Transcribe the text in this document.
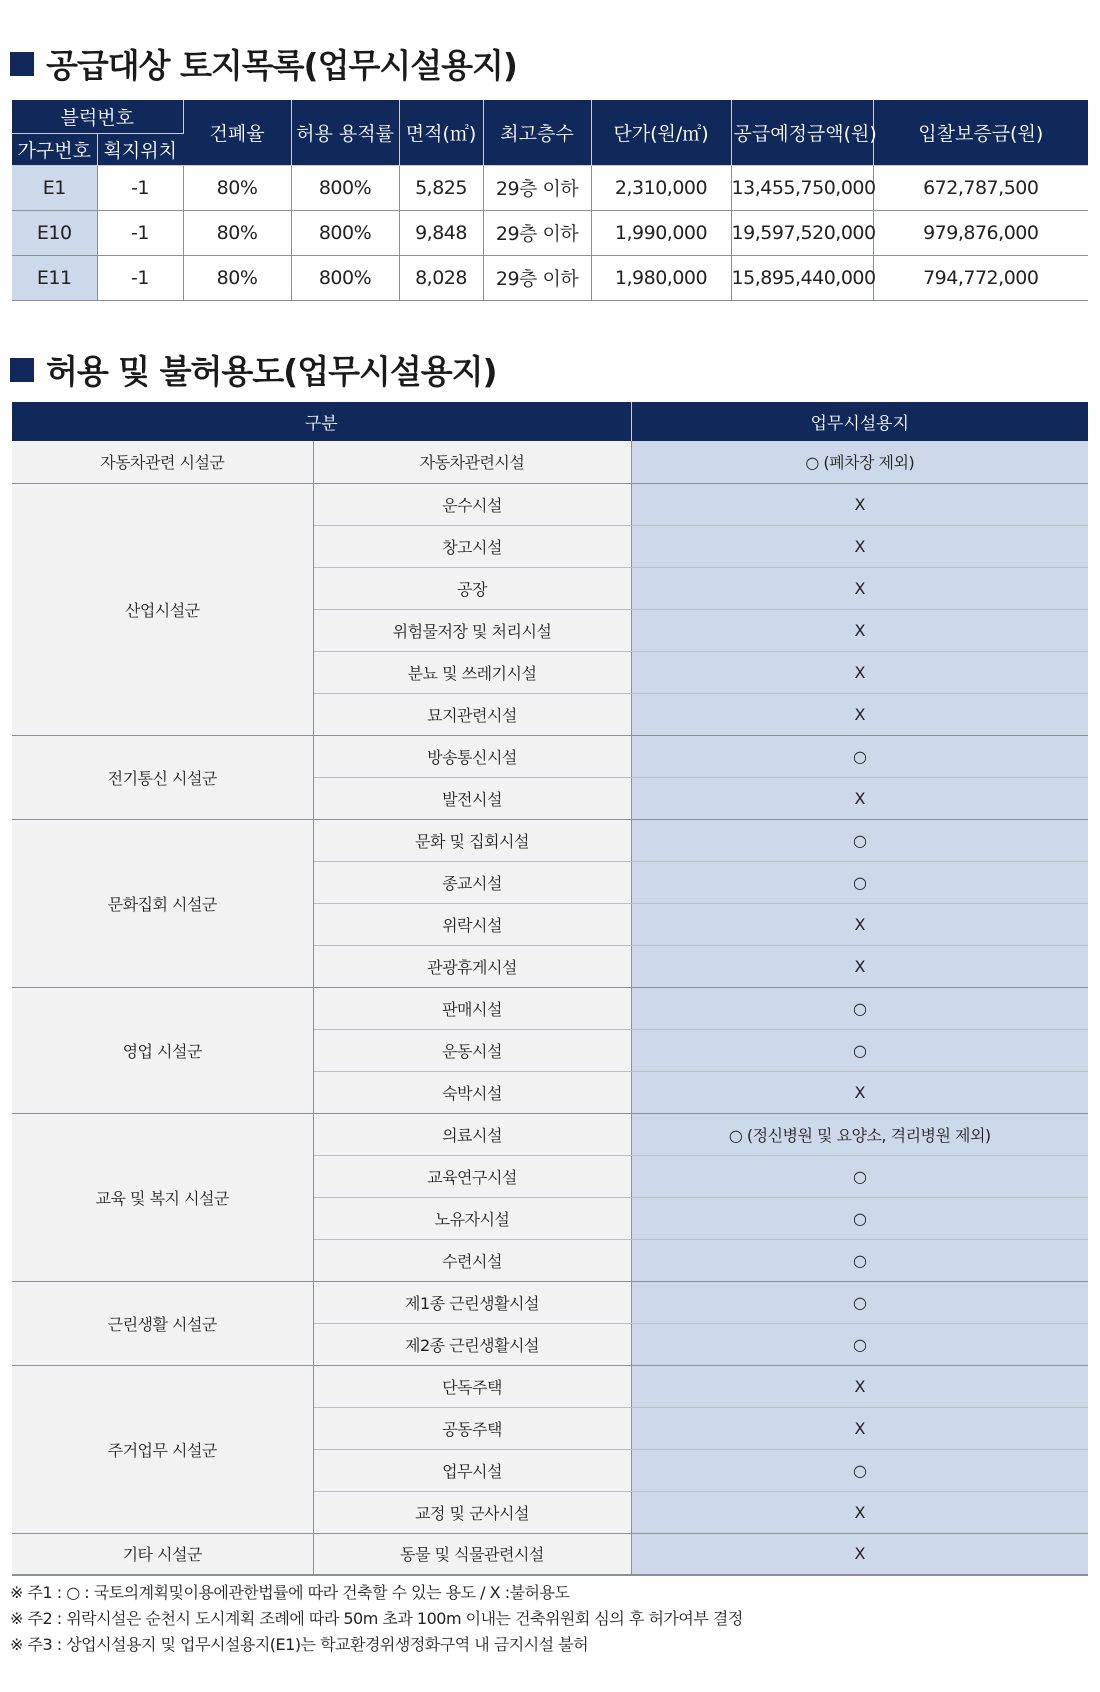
공급대상 토지목록(업무시설용지)
블럭번호		건폐율	허용 용적률	면적(㎡)	최고층수	단가(원/㎡)	공급예정금액(원)	입찰보증금(원)
가구번호	획지위치							
E1	-1	80%	800%	5,825	29층 이하	2,310,000	13,455,750,000	672,787,500
E10	-1	80%	800%	9,848	29층 이하	1,990,000	19,597,520,000	979,876,000
E11	-1	80%	800%	8,028	29층 이하	1,980,000	15,895,440,000	794,772,000
허용 및 불허용도(업무시설용지)
구분		업무시설용지
자동차관련 시설군	자동차관련시설	○ (폐차장 제외)
산업시설군	운수시설	X
	창고시설	X
	공장	X
	위험물저장 및 처리시설	X
	분뇨 및 쓰레기시설	X
	묘지관련시설	X
전기통신 시설군	방송통신시설	○
	발전시설	X
문화집회 시설군	문화 및 집회시설	○
	종교시설	○
	위락시설	X
	관광휴게시설	X
영업 시설군	판매시설	○
	운동시설	○
	숙박시설	X
교육 및 복지 시설군	의료시설	○ (정신병원 및 요양소, 격리병원 제외)
	교육연구시설	○
	노유자시설	○
	수련시설	○
근린생활 시설군	제1종 근린생활시설	○
	제2종 근린생활시설	○
주거업무 시설군	단독주택	X
	공동주택	X
	업무시설	○
	교정 및 군사시설	X
기타 시설군	동물 및 식물관련시설	X
※ 주1 : ○ : 국토의계획및이용에관한법률에 따라 건축할 수 있는 용도 / X :불허용도
※ 주2 : 위락시설은 순천시 도시계획 조례에 따라 50m 초과 100m 이내는 건축위원회 심의 후 허가여부 결정
※ 주3 : 상업시설용지 및 업무시설용지(E1)는 학교환경위생정화구역 내 금지시설 불허
